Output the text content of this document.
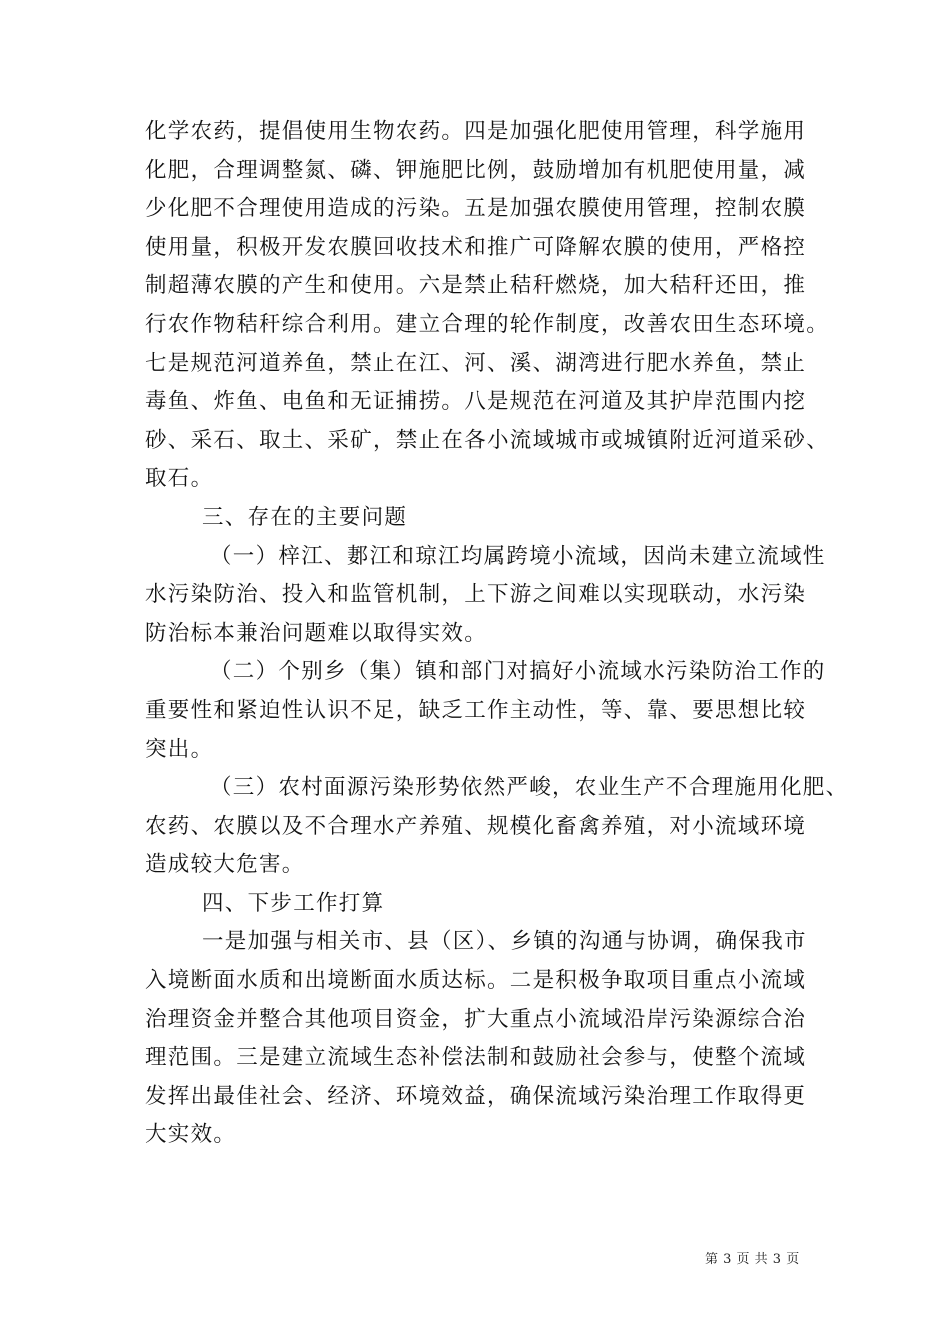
化学农药，提倡使用生物农药。四是加强化肥使用管理，科学施用
化肥，合理调整氮、磷、钾施肥比例，鼓励增加有机肥使用量，减
少化肥不合理使用造成的污染。五是加强农膜使用管理，控制农膜
使用量，积极开发农膜回收技术和推广可降解农膜的使用，严格控
制超薄农膜的产生和使用。六是禁止秸秆燃烧，加大秸秆还田，推
行农作物秸秆综合利用。建立合理的轮作制度，改善农田生态环境。
七是规范河道养鱼，禁止在江、河、溪、湖湾进行肥水养鱼，禁止
毒鱼、炸鱼、电鱼和无证捕捞。八是规范在河道及其护岸范围内挖
砂、采石、取土、采矿，禁止在各小流域城市或城镇附近河道采砂、
取石。
三、存在的主要问题
（一）梓江、郪江和琼江均属跨境小流域，因尚未建立流域性
水污染防治、投入和监管机制，上下游之间难以实现联动，水污染
防治标本兼治问题难以取得实效。
（二）个别乡（集）镇和部门对搞好小流域水污染防治工作的
重要性和紧迫性认识不足，缺乏工作主动性，等、靠、要思想比较
突出。
（三）农村面源污染形势依然严峻，农业生产不合理施用化肥、
农药、农膜以及不合理水产养殖、规模化畜禽养殖，对小流域环境
造成较大危害。
四、下步工作打算
一是加强与相关市、县（区）、乡镇的沟通与协调，确保我市
入境断面水质和出境断面水质达标。二是积极争取项目重点小流域
治理资金并整合其他项目资金，扩大重点小流域沿岸污染源综合治
理范围。三是建立流域生态补偿法制和鼓励社会参与，使整个流域
发挥出最佳社会、经济、环境效益，确保流域污染治理工作取得更
大实效。
第 3 页 共 3 页
